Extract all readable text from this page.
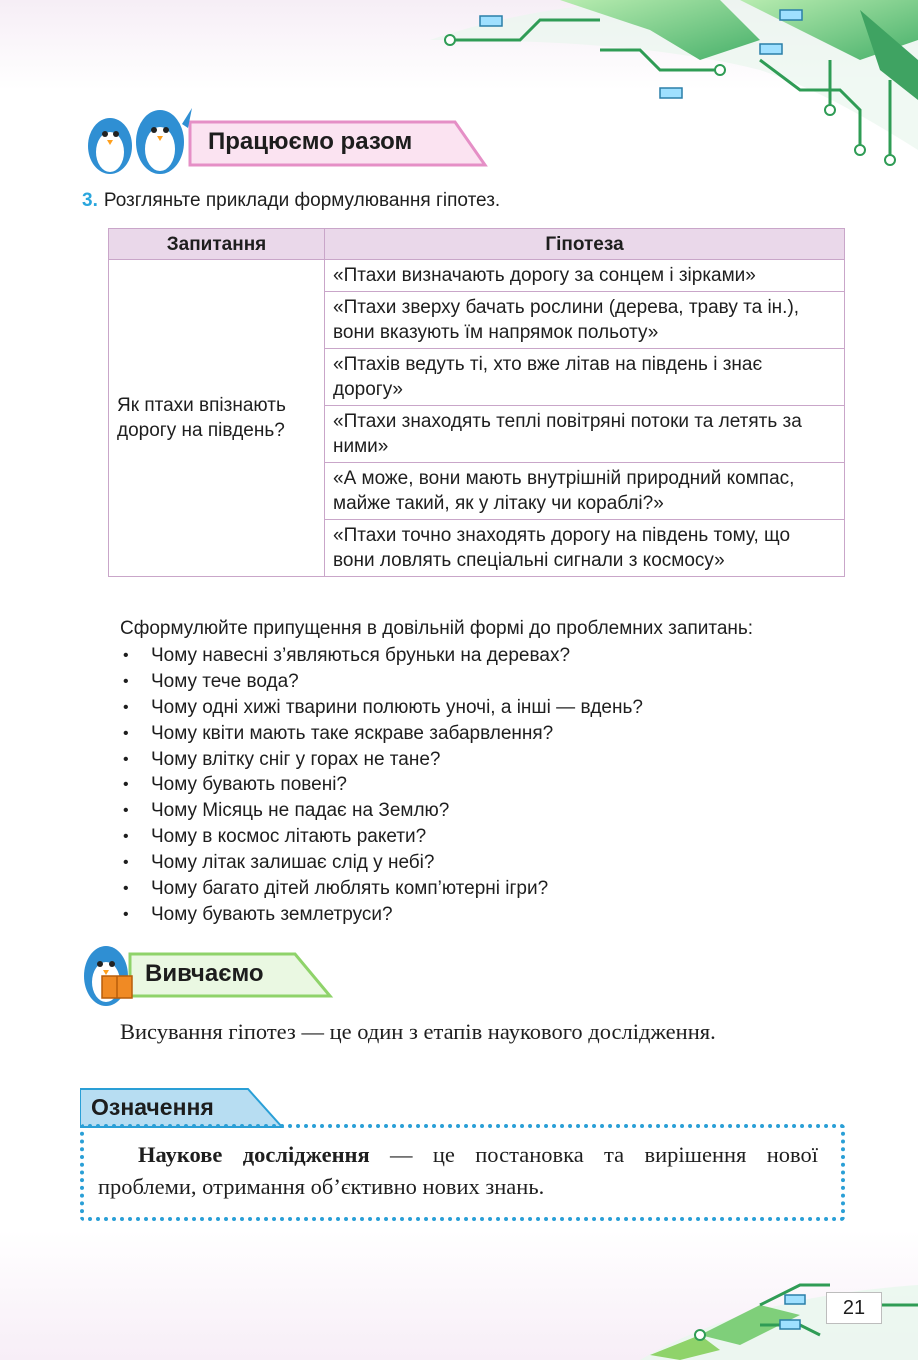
Працюємо разом
3. Розгляньте приклади формулювання гіпотез.
Запитання	Гіпотеза
Як птахи впізнають дорогу на південь?	«Птахи визначають дорогу за сонцем і зірками»
	«Птахи зверху бачать рослини (дерева, траву та ін.), вони вказують їм напрямок польоту»
	«Птахів ведуть ті, хто вже літав на південь і знає дорогу»
	«Птахи знаходять теплі повітряні потоки та летять за ними»
	«А може, вони мають внутрішній природний компас, майже такий, як у літаку чи кораблі?»
	«Птахи точно знаходять дорогу на південь тому, що вони ловлять спеціальні сигнали з космосу»
Сформулюйте припущення в довільній формі до проблемних запитань:
• Чому навесні з’являються бруньки на деревах?
• Чому тече вода?
• Чому одні хижі тварини полюють уночі, а інші — вдень?
• Чому квіти мають таке яскраве забарвлення?
• Чому влітку сніг у горах не тане?
• Чому бувають повені?
• Чому Місяць не падає на Землю?
• Чому в космос літають ракети?
• Чому літак залишає слід у небі?
• Чому багато дітей люблять комп’ютерні ігри?
• Чому бувають землетруси?
Вивчаємо
Висування гіпотез — це один з етапів наукового дослідження.
Означення
Наукове дослідження — це постановка та вирішення нової проблеми, отримання об’єктивно нових знань.
21
